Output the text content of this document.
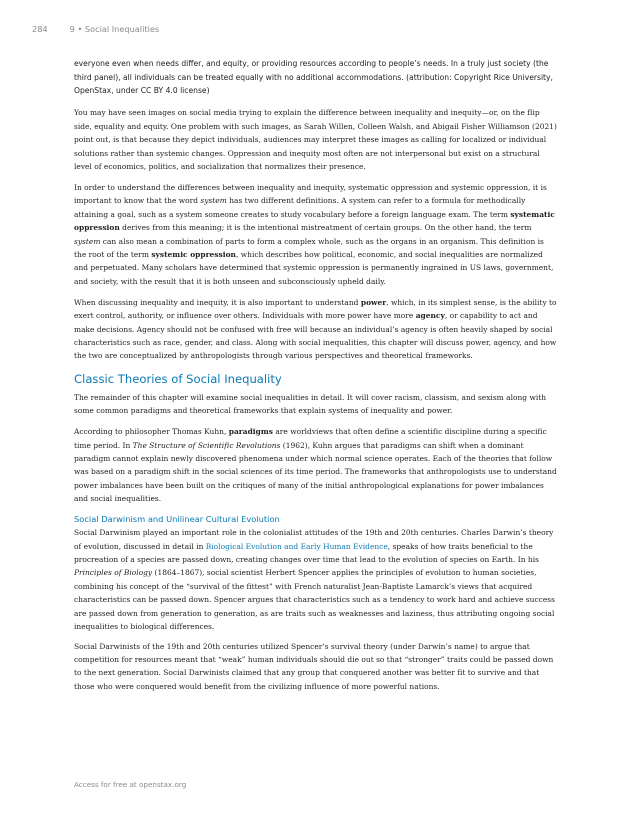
284	9 • Social Inequalities

everyone even when needs differ, and equity, or providing resources according to people’s needs. In a truly just society (the third panel), all individuals can be treated equally with no additional accommodations. (attribution: Copyright Rice University, OpenStax, under CC BY 4.0 license)

You may have seen images on social media trying to explain the difference between inequality and inequity—or, on the flip side, equality and equity. One problem with such images, as Sarah Willen, Colleen Walsh, and Abigail Fisher Williamson (2021) point out, is that because they depict individuals, audiences may interpret these images as calling for localized or individual solutions rather than systemic changes. Oppression and inequity most often are not interpersonal but exist on a structural level of economics, politics, and socialization that normalizes their presence.

In order to understand the differences between inequality and inequity, systematic oppression and systemic oppression, it is important to know that the word system has two different definitions. A system can refer to a formula for methodically attaining a goal, such as a system someone creates to study vocabulary before a foreign language exam. The term systematic oppression derives from this meaning; it is the intentional mistreatment of certain groups. On the other hand, the term system can also mean a combination of parts to form a complex whole, such as the organs in an organism. This definition is the root of the term systemic oppression, which describes how political, economic, and social inequalities are normalized and perpetuated. Many scholars have determined that systemic oppression is permanently ingrained in US laws, government, and society, with the result that it is both unseen and subconsciously upheld daily.

When discussing inequality and inequity, it is also important to understand power, which, in its simplest sense, is the ability to exert control, authority, or influence over others. Individuals with more power have more agency, or capability to act and make decisions. Agency should not be confused with free will because an individual’s agency is often heavily shaped by social characteristics such as race, gender, and class. Along with social inequalities, this chapter will discuss power, agency, and how the two are conceptualized by anthropologists through various perspectives and theoretical frameworks.

Classic Theories of Social Inequality

The remainder of this chapter will examine social inequalities in detail. It will cover racism, classism, and sexism along with some common paradigms and theoretical frameworks that explain systems of inequality and power.

According to philosopher Thomas Kuhn, paradigms are worldviews that often define a scientific discipline during a specific time period. In The Structure of Scientific Revolutions (1962), Kuhn argues that paradigms can shift when a dominant paradigm cannot explain newly discovered phenomena under which normal science operates. Each of the theories that follow was based on a paradigm shift in the social sciences of its time period. The frameworks that anthropologists use to understand power imbalances have been built on the critiques of many of the initial anthropological explanations for power imbalances and social inequalities.

Social Darwinism and Unilinear Cultural Evolution

Social Darwinism played an important role in the colonialist attitudes of the 19th and 20th centuries. Charles Darwin’s theory of evolution, discussed in detail in Biological Evolution and Early Human Evidence, speaks of how traits beneficial to the procreation of a species are passed down, creating changes over time that lead to the evolution of species on Earth. In his Principles of Biology (1864–1867), social scientist Herbert Spencer applies the principles of evolution to human societies, combining his concept of the “survival of the fittest” with French naturalist Jean-Baptiste Lamarck’s views that acquired characteristics can be passed down. Spencer argues that characteristics such as a tendency to work hard and achieve success are passed down from generation to generation, as are traits such as weaknesses and laziness, thus attributing ongoing social inequalities to biological differences.

Social Darwinists of the 19th and 20th centuries utilized Spencer’s survival theory (under Darwin’s name) to argue that competition for resources meant that “weak” human individuals should die out so that “stronger” traits could be passed down to the next generation. Social Darwinists claimed that any group that conquered another was better fit to survive and that those who were conquered would benefit from the civilizing influence of more powerful nations.

Access for free at openstax.org
